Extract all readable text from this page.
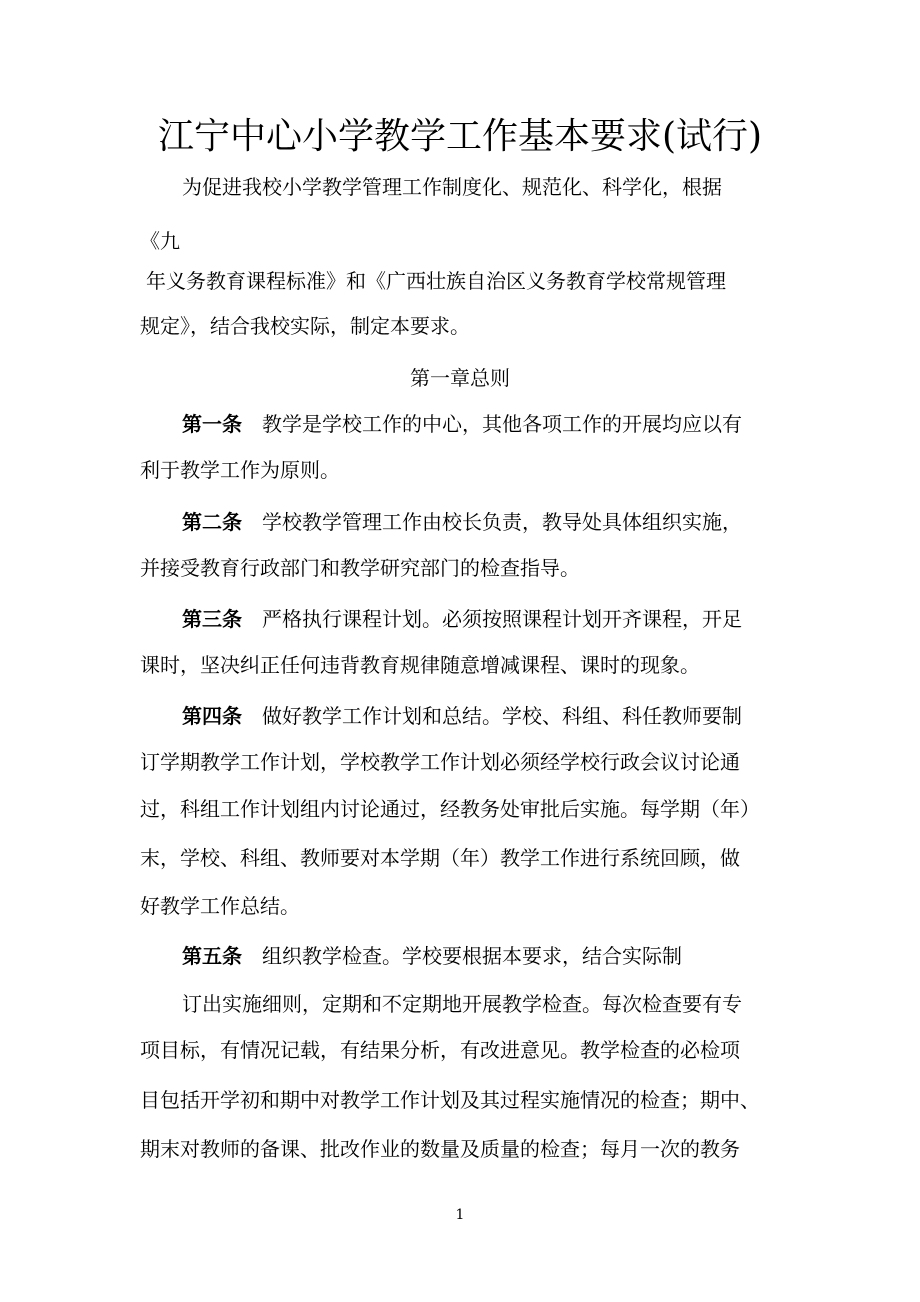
江宁中心小学教学工作基本要求(试行)
为促进我校小学教学管理工作制度化、规范化、科学化，根据
《九
年义务教育课程标准》和《广西壮族自治区义务教育学校常规管理
规定》，结合我校实际，制定本要求。
第一章总则
第一条 教学是学校工作的中心，其他各项工作的开展均应以有
利于教学工作为原则。
第二条 学校教学管理工作由校长负责，教导处具体组织实施，
并接受教育行政部门和教学研究部门的检查指导。
第三条 严格执行课程计划。必须按照课程计划开齐课程，开足
课时，坚决纠正任何违背教育规律随意增减课程、课时的现象。
第四条 做好教学工作计划和总结。学校、科组、科任教师要制
订学期教学工作计划，学校教学工作计划必须经学校行政会议讨论通
过，科组工作计划组内讨论通过，经教务处审批后实施。每学期（年）
末，学校、科组、教师要对本学期（年）教学工作进行系统回顾，做
好教学工作总结。
第五条 组织教学检查。学校要根据本要求，结合实际制
订出实施细则，定期和不定期地开展教学检查。每次检查要有专
项目标，有情况记载，有结果分析，有改进意见。教学检查的必检项
目包括开学初和期中对教学工作计划及其过程实施情况的检查；期中、
期末对教师的备课、批改作业的数量及质量的检查；每月一次的教务
1
